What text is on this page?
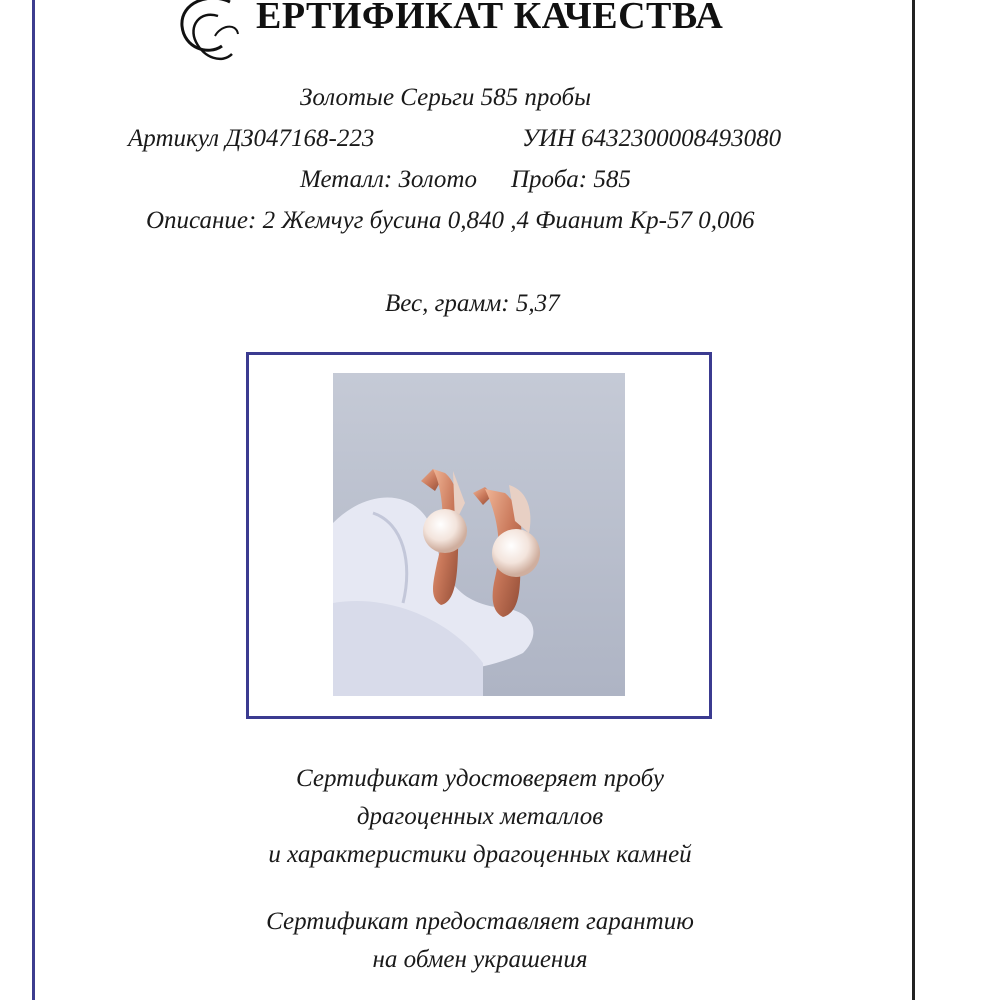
ЕРТИФИКАТ КАЧЕСТВА
Золотые Серьги 585 пробы
Артикул ДЗ047168-223	УИН 6432300008493080
Металл: Золото Проба: 585
Описание: 2 Жемчуг бусина 0,840 ,4 Фианит Кр-57 0,006
Вес, грамм: 5,37
Сертификат удостоверяет пробу
драгоценных металлов
и характеристики драгоценных камней
Сертификат предоставляет гарантию
на обмен украшения
